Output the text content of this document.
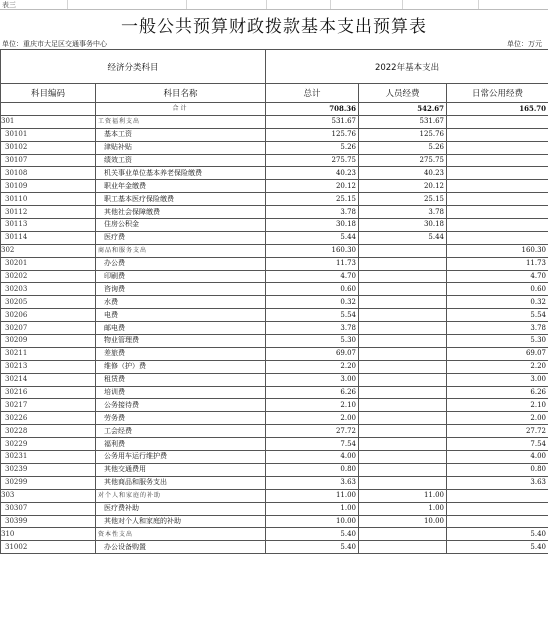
表三
一般公共预算财政拨款基本支出预算表
单位：重庆市大足区交通事务中心	单位：万元
经济分类科目		2022年基本支出		
科目编码	科目名称	总计	人员经费	日常公用经费
	合计	708.36	542.67	165.70
301	工资福利支出	531.67	531.67	
30101	基本工资	125.76	125.76	
30102	津贴补贴	5.26	5.26	
30107	绩效工资	275.75	275.75	
30108	机关事业单位基本养老保险缴费	40.23	40.23	
30109	职业年金缴费	20.12	20.12	
30110	职工基本医疗保险缴费	25.15	25.15	
30112	其他社会保障缴费	3.78	3.78	
30113	住房公积金	30.18	30.18	
30114	医疗费	5.44	5.44	
302	商品和服务支出	160.30		160.30
30201	办公费	11.73		11.73
30202	印刷费	4.70		4.70
30203	咨询费	0.60		0.60
30205	水费	0.32		0.32
30206	电费	5.54		5.54
30207	邮电费	3.78		3.78
30209	物业管理费	5.30		5.30
30211	差旅费	69.07		69.07
30213	维修（护）费	2.20		2.20
30214	租赁费	3.00		3.00
30216	培训费	6.26		6.26
30217	公务接待费	2.10		2.10
30226	劳务费	2.00		2.00
30228	工会经费	27.72		27.72
30229	福利费	7.54		7.54
30231	公务用车运行维护费	4.00		4.00
30239	其他交通费用	0.80		0.80
30299	其他商品和服务支出	3.63		3.63
303	对个人和家庭的补助	11.00	11.00	
30307	医疗费补助	1.00	1.00	
30399	其他对个人和家庭的补助	10.00	10.00	
310	资本性支出	5.40		5.40
31002	办公设备购置	5.40		5.40
